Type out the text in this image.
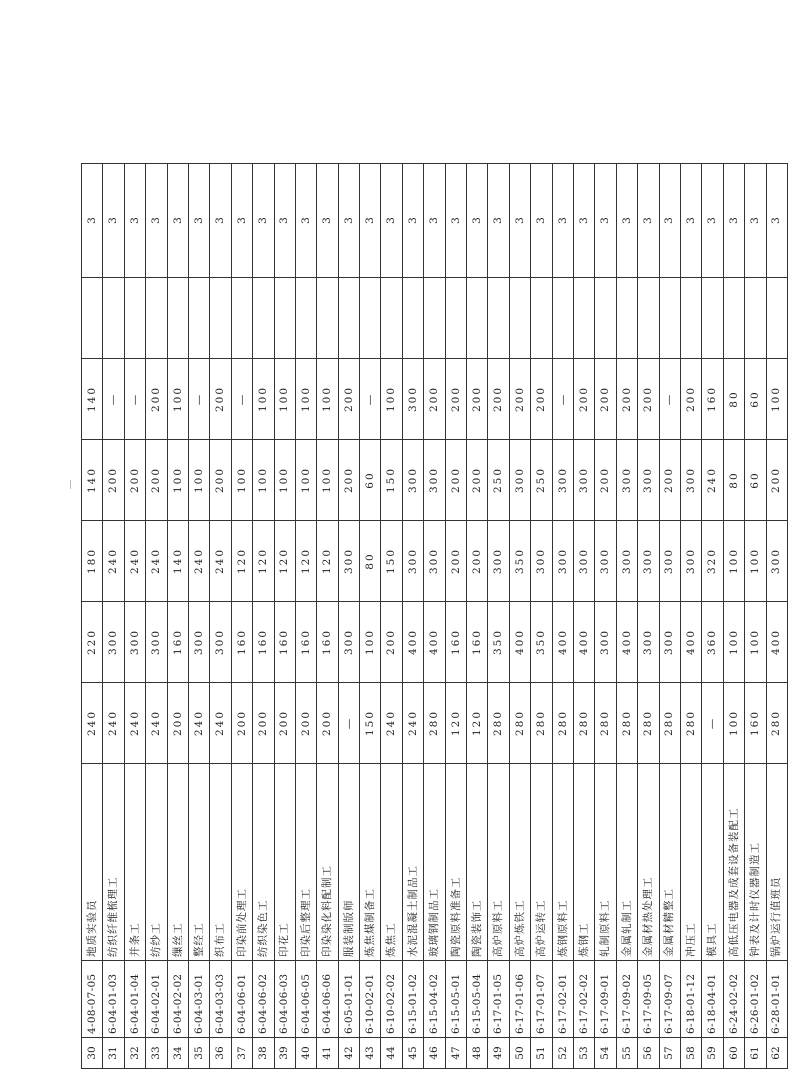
30	4-08-07-05	地质实验员	240	220	180	140	140		3
31	6-04-01-03	纺织纤维梳理工	240	300	240	200	—		3
32	6-04-01-04	并条工	240	300	240	200	—		3
33	6-04-02-01	纺纱工	240	300	240	200	200		3
34	6-04-02-02	缫丝工	200	160	140	100	100		3
35	6-04-03-01	整经工	240	300	240	100	—		3
36	6-04-03-03	织布工	240	300	240	200	200		3
37	6-04-06-01	印染前处理工	200	160	120	100	—		3
38	6-04-06-02	纺织染色工	200	160	120	100	100		3
39	6-04-06-03	印花工	200	160	120	100	100		3
40	6-04-06-05	印染后整理工	200	160	120	100	100		3
41	6-04-06-06	印染染化料配制工	200	160	120	100	100		3
42	6-05-01-01	服装制版师	—	300	300	200	200		3
43	6-10-02-01	炼焦煤制备工	150	100	80	60	—		3
44	6-10-02-02	炼焦工	240	200	150	150	100		3
45	6-15-01-02	水泥混凝土制品工	240	400	300	300	300		3
46	6-15-04-02	玻璃钢制品工	280	400	300	300	200		3
47	6-15-05-01	陶瓷原料准备工	120	160	200	200	200		3
48	6-15-05-04	陶瓷装饰工	120	160	200	200	200		3
49	6-17-01-05	高炉原料工	280	350	300	250	200		3
50	6-17-01-06	高炉炼铁工	280	400	350	300	200		3
51	6-17-01-07	高炉运转工	280	350	300	250	200		3
52	6-17-02-01	炼钢原料工	280	400	300	300	—		3
53	6-17-02-02	炼钢工	280	400	300	300	200		3
54	6-17-09-01	轧制原料工	280	300	300	200	200		3
55	6-17-09-02	金属轧制工	280	400	300	300	200		3
56	6-17-09-05	金属材热处理工	280	300	300	300	200		3
57	6-17-09-07	金属材精整工	280	300	300	200	—		3
58	6-18-01-12	冲压工	280	400	300	300	200		3
59	6-18-04-01	模具工	—	360	320	240	160		3
60	6-24-02-02	高低压电器及成套设备装配工	100	100	100	80	80		3
61	6-26-01-02	钟表及计时仪器制造工	160	100	100	60	60		3
62	6-28-01-01	锅炉运行值班员	280	400	300	200	100		3
